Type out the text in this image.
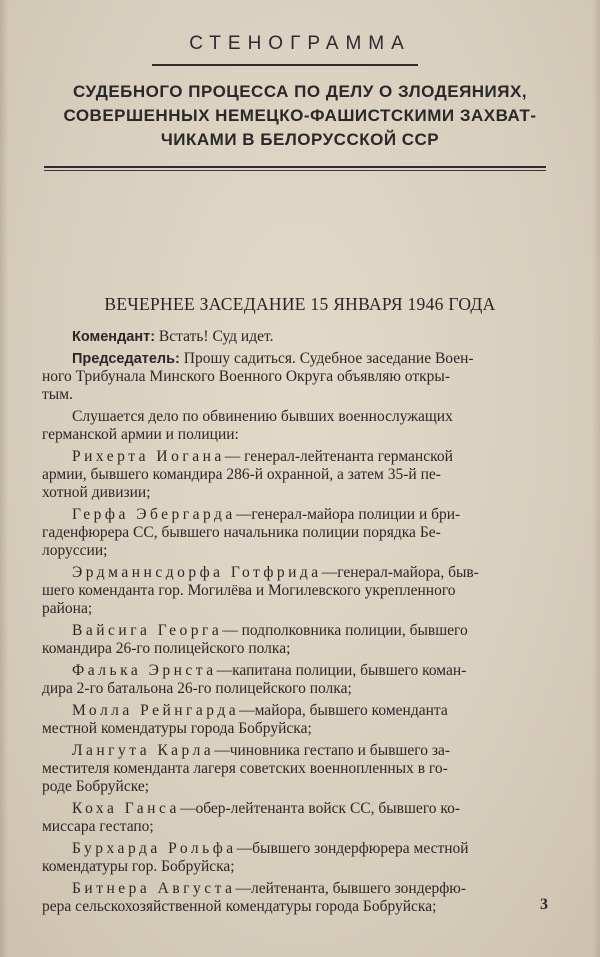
СТЕНОГРАММА
СУДЕБНОГО ПРОЦЕССА ПО ДЕЛУ О ЗЛОДЕЯНИЯХ,
СОВЕРШЕННЫХ НЕМЕЦКО-ФАШИСТСКИМИ ЗАХВАТ-
ЧИКАМИ В БЕЛОРУССКОЙ ССР
ВЕЧЕРНЕЕ ЗАСЕДАНИЕ 15 ЯНВАРЯ 1946 ГОДА
Комендант: Встать! Суд идет.
Председатель: Прошу садиться. Судебное заседание Воен-
ного Трибунала Минского Военного Округа объявляю откры-
тым.
Слушается дело по обвинению бывших военнослужащих
германской армии и полиции:
Рихерта Иогана— генерал-лейтенанта германской
армии, бывшего командира 286-й охранной, а затем 35-й пе-
хотной дивизии;
Герфа Эбергарда—генерал-майора полиции и бри-
гаденфюрера СС, бывшего начальника полиции порядка Бе-
лоруссии;
Эрдманнсдорфа Готфрида—генерал-майора, быв-
шего коменданта гор. Могилёва и Могилевского укрепленного
района;
Вайсига Георга— подполковника полиции, бывшего
командира 26-го полицейского полка;
Фалька Эрнста—капитана полиции, бывшего коман-
дира 2-го батальона 26-го полицейского полка;
Молла Рейнгарда—майора, бывшего коменданта
местной комендатуры города Бобруйска;
Лангута Карла—чиновника гестапо и бывшего за-
местителя коменданта лагеря советских военнопленных в го-
роде Бобруйске;
Коха Ганса—обер-лейтенанта войск СС, бывшего ко-
миссара гестапо;
Бурхарда Рольфа—бывшего зондерфюрера местной
комендатуры гор. Бобруйска;
Битнера Августа—лейтенанта, бывшего зондерфю-
рера сельскохозяйственной комендатуры города Бобруйска;	3
